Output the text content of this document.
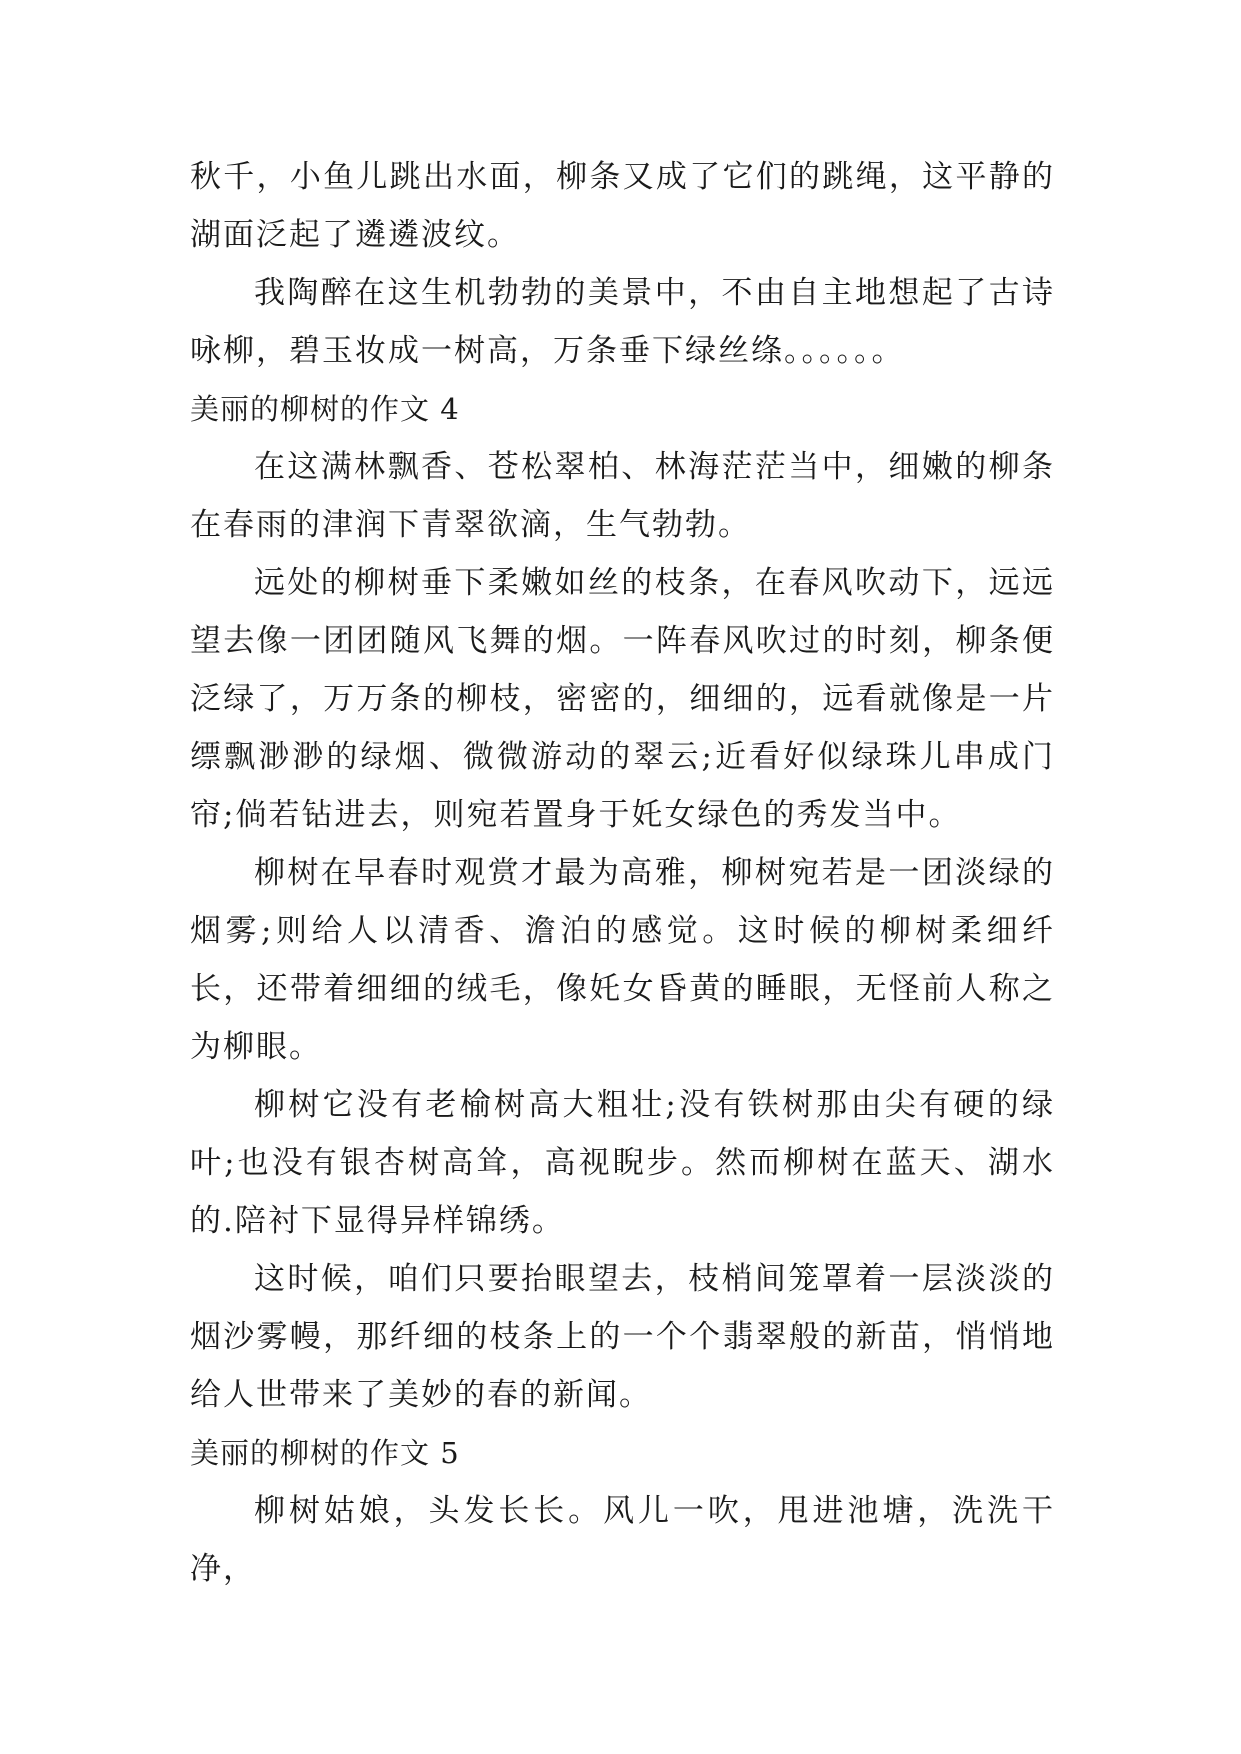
秋千，小鱼儿跳出水面，柳条又成了它们的跳绳，这平静的湖面泛起了遴遴波纹。

我陶醉在这生机勃勃的美景中，不由自主地想起了古诗咏柳，碧玉妆成一树高，万条垂下绿丝绦。。。。。。

美丽的柳树的作文 4

在这满林飘香、苍松翠柏、林海茫茫当中，细嫩的柳条在春雨的津润下青翠欲滴，生气勃勃。

远处的柳树垂下柔嫩如丝的枝条，在春风吹动下，远远望去像一团团随风飞舞的烟。一阵春风吹过的时刻，柳条便泛绿了，万万条的柳枝，密密的，细细的，远看就像是一片缥飘渺渺的绿烟、微微游动的翠云;近看好似绿珠儿串成门帘;倘若钻进去，则宛若置身于奼女绿色的秀发当中。

柳树在早春时观赏才最为高雅，柳树宛若是一团淡绿的烟雾;则给人以清香、澹泊的感觉。这时候的柳树柔细纤长，还带着细细的绒毛，像奼女昏黄的睡眼，无怪前人称之为柳眼。

柳树它没有老榆树高大粗壮;没有铁树那由尖有硬的绿叶;也没有银杏树高耸，高视睨步。然而柳树在蓝天、湖水的.陪衬下显得异样锦绣。

这时候，咱们只要抬眼望去，枝梢间笼罩着一层淡淡的烟沙雾幔，那纤细的枝条上的一个个翡翠般的新苗，悄悄地给人世带来了美妙的春的新闻。

美丽的柳树的作文 5

柳树姑娘，头发长长。风儿一吹，甩进池塘，洗洗干净，
